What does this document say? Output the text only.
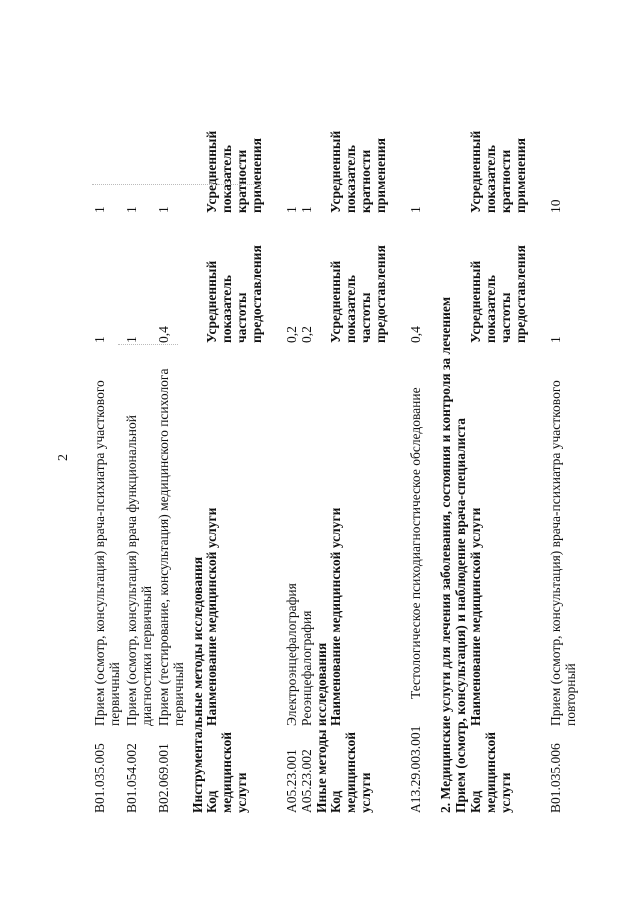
2
B01.035.005
Прием (осмотр, консультация) врача-психиатра участкового первичный
1
1
B01.054.002
Прием (осмотр, консультация) врача функциональной диагностики первичный
1
1
B02.069.001
Прием (тестирование, консультация) медицинского психолога первичный
0,4
1
Инструментальные методы исследования Код медицинской услуги
Наименование медицинской услуги
Усредненный показатель частоты предоставления
Усредненный показатель кратности применения
A05.23.001
Электроэнцефалография
0,2
1
A05.23.002
Реоэнцефалография
0,2
1
Иные методы исследования Код медицинской услуги
Наименование медицинской услуги
Усредненный показатель частоты предоставления
Усредненный показатель кратности применения
A13.29.003.001
Тестологическое психодиагностическое обследование
0,4
1
2. Медицинские услуги для лечения заболевания, состояния и контроля за лечением Прием (осмотр, консультация) и наблюдение врача-специалиста Код медицинской услуги
Наименование медицинской услуги
Усредненный показатель частоты предоставления
Усредненный показатель кратности применения
B01.035.006
Прием (осмотр, консультация) врача-психиатра участкового повторный
1
10
